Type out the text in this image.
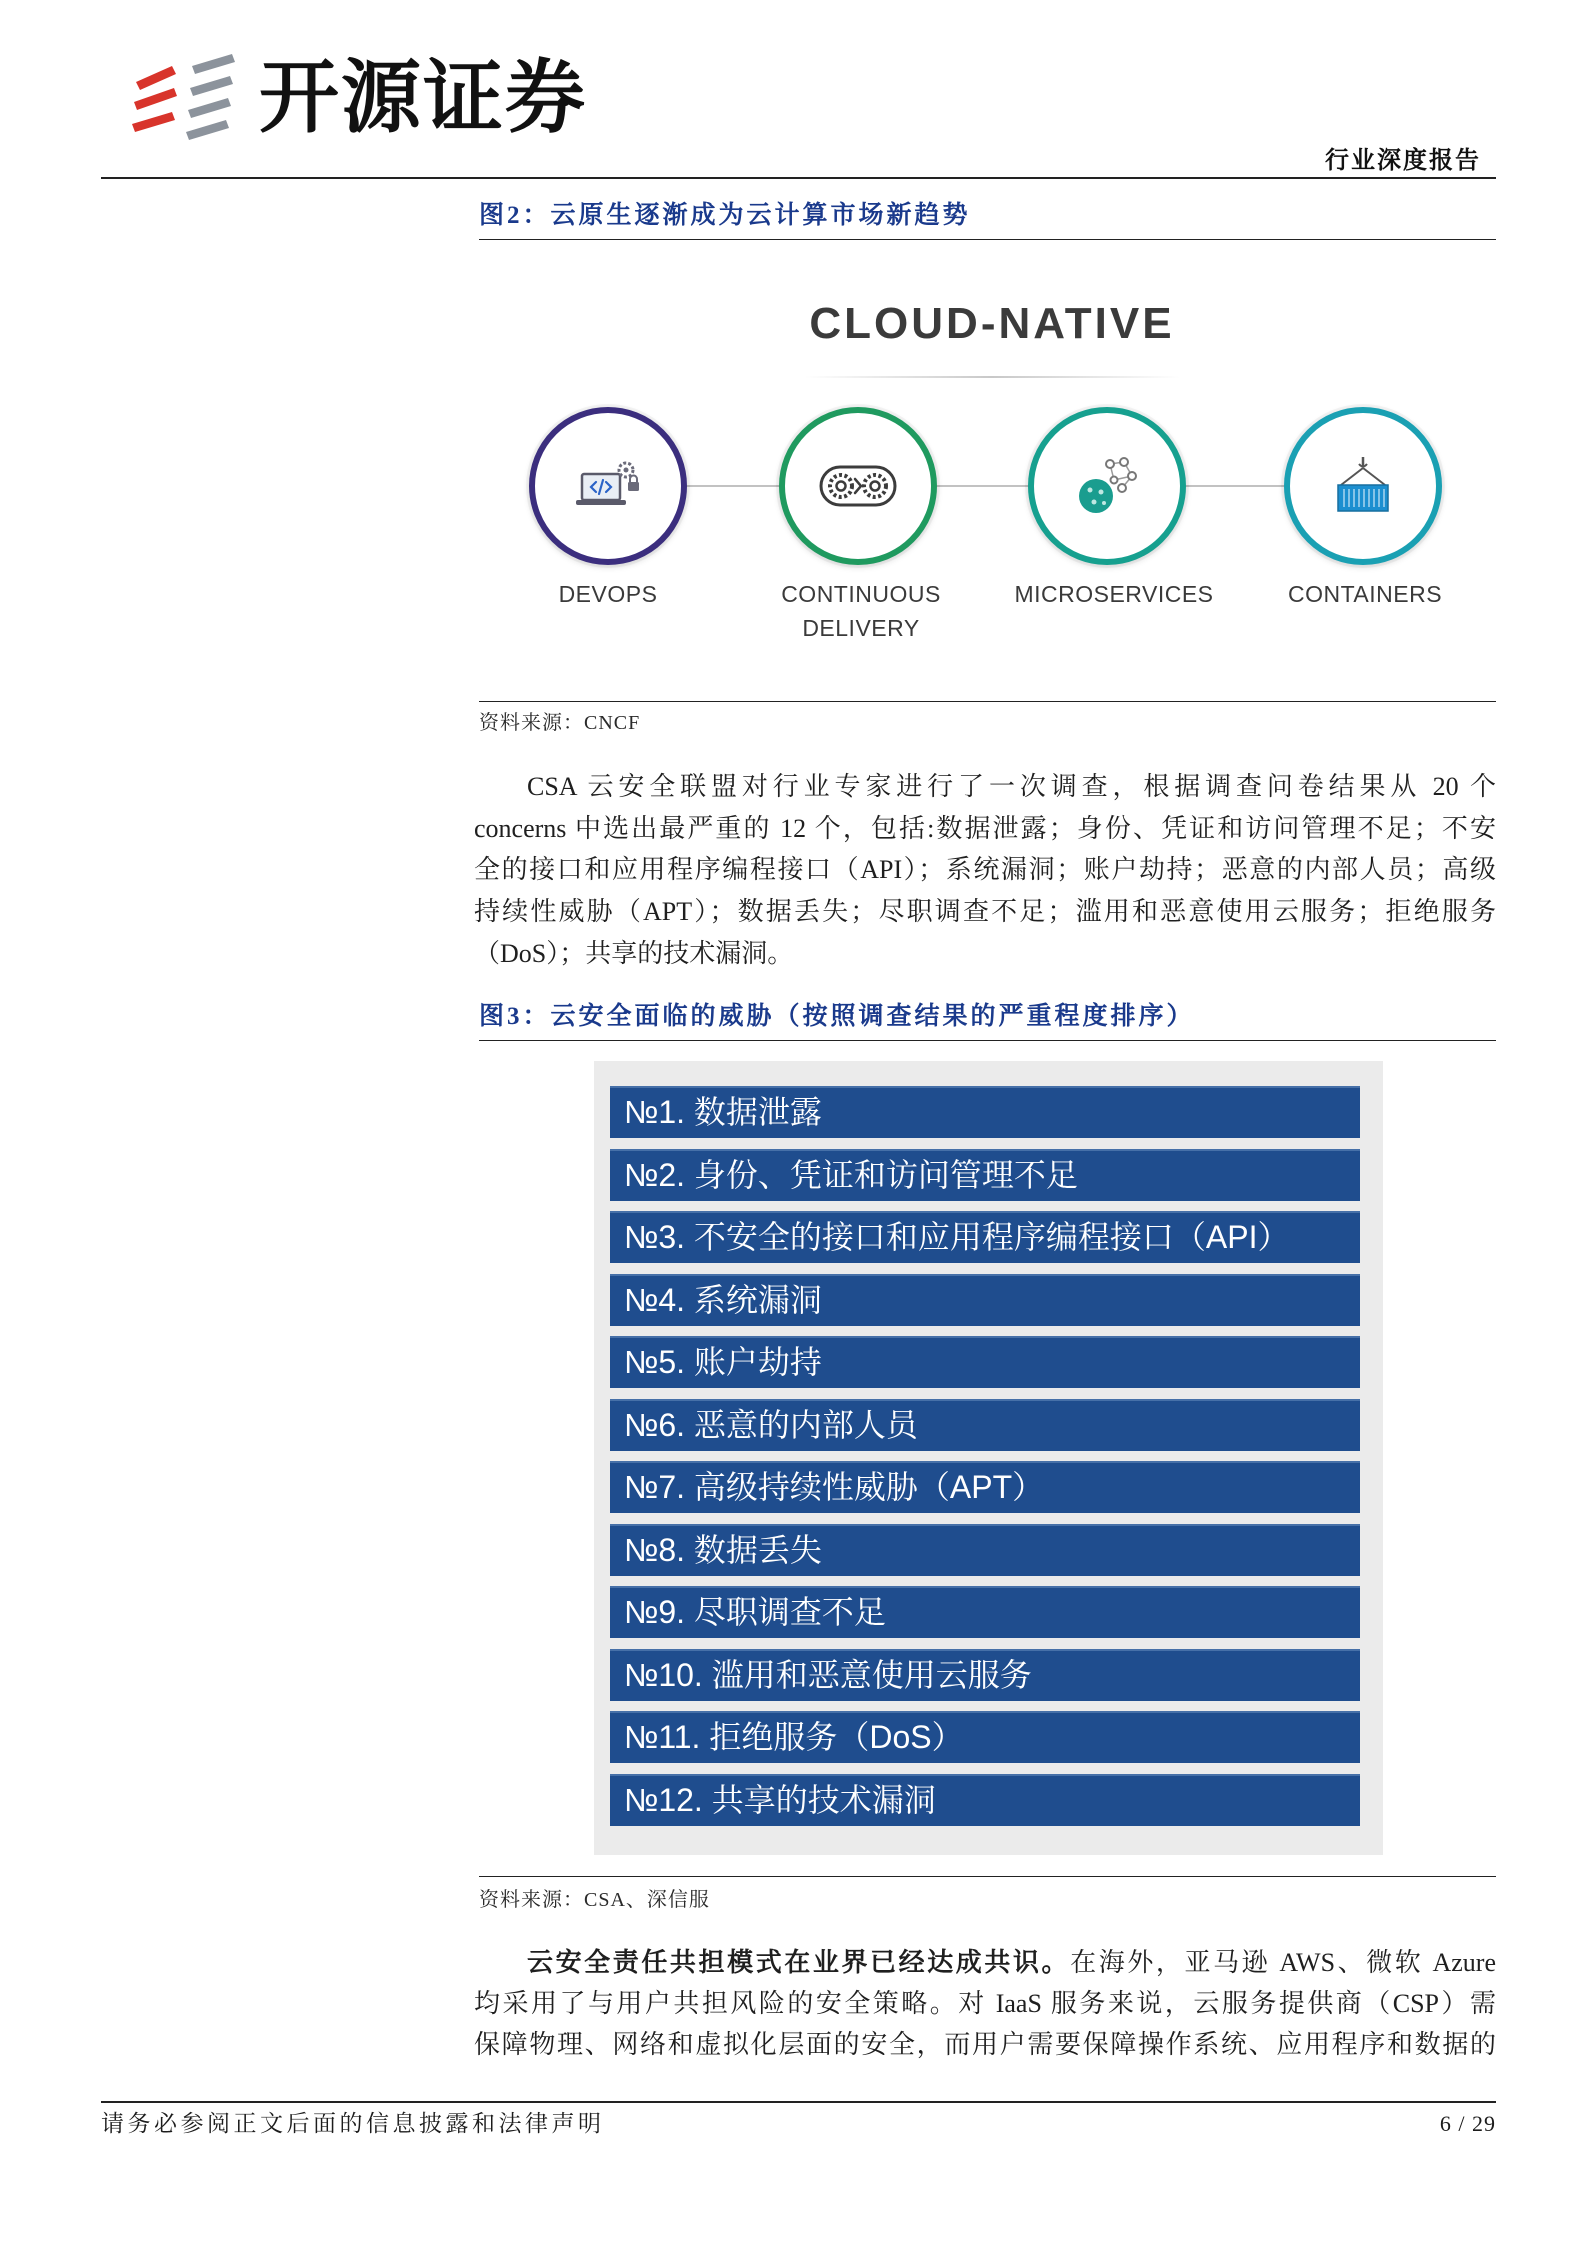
开源证券
行业深度报告
图2：云原生逐渐成为云计算市场新趋势
CLOUD-NATIVE
DEVOPS	CONTINUOUS
DELIVERY
MICROSERVICES	CONTAINERS
资料来源：CNCF
CSA 云安全联盟对行业专家进行了一次调查，根据调查问卷结果从 20 个
concerns 中选出最严重的 12 个，包括:数据泄露；身份、凭证和访问管理不足；不安
全的接口和应用程序编程接口（API）；系统漏洞；账户劫持；恶意的内部人员；高级
持续性威胁（APT）；数据丢失；尽职调查不足；滥用和恶意使用云服务；拒绝服务
（DoS）；共享的技术漏洞。
图3：云安全面临的威胁（按照调查结果的严重程度排序）
№1. 数据泄露
№2. 身份、凭证和访问管理不足
№3. 不安全的接口和应用程序编程接口（API）
№4. 系统漏洞
№5. 账户劫持
№6. 恶意的内部人员
№7. 高级持续性威胁（APT）
№8. 数据丢失
№9. 尽职调查不足
№10. 滥用和恶意使用云服务
№11. 拒绝服务（DoS）
№12. 共享的技术漏洞
资料来源：CSA、深信服
云安全责任共担模式在业界已经达成共识。在海外，亚马逊 AWS、微软 Azure
均采用了与用户共担风险的安全策略。对 IaaS 服务来说，云服务提供商（CSP）需
保障物理、网络和虚拟化层面的安全，而用户需要保障操作系统、应用程序和数据的
请务必参阅正文后面的信息披露和法律声明	6 / 29
